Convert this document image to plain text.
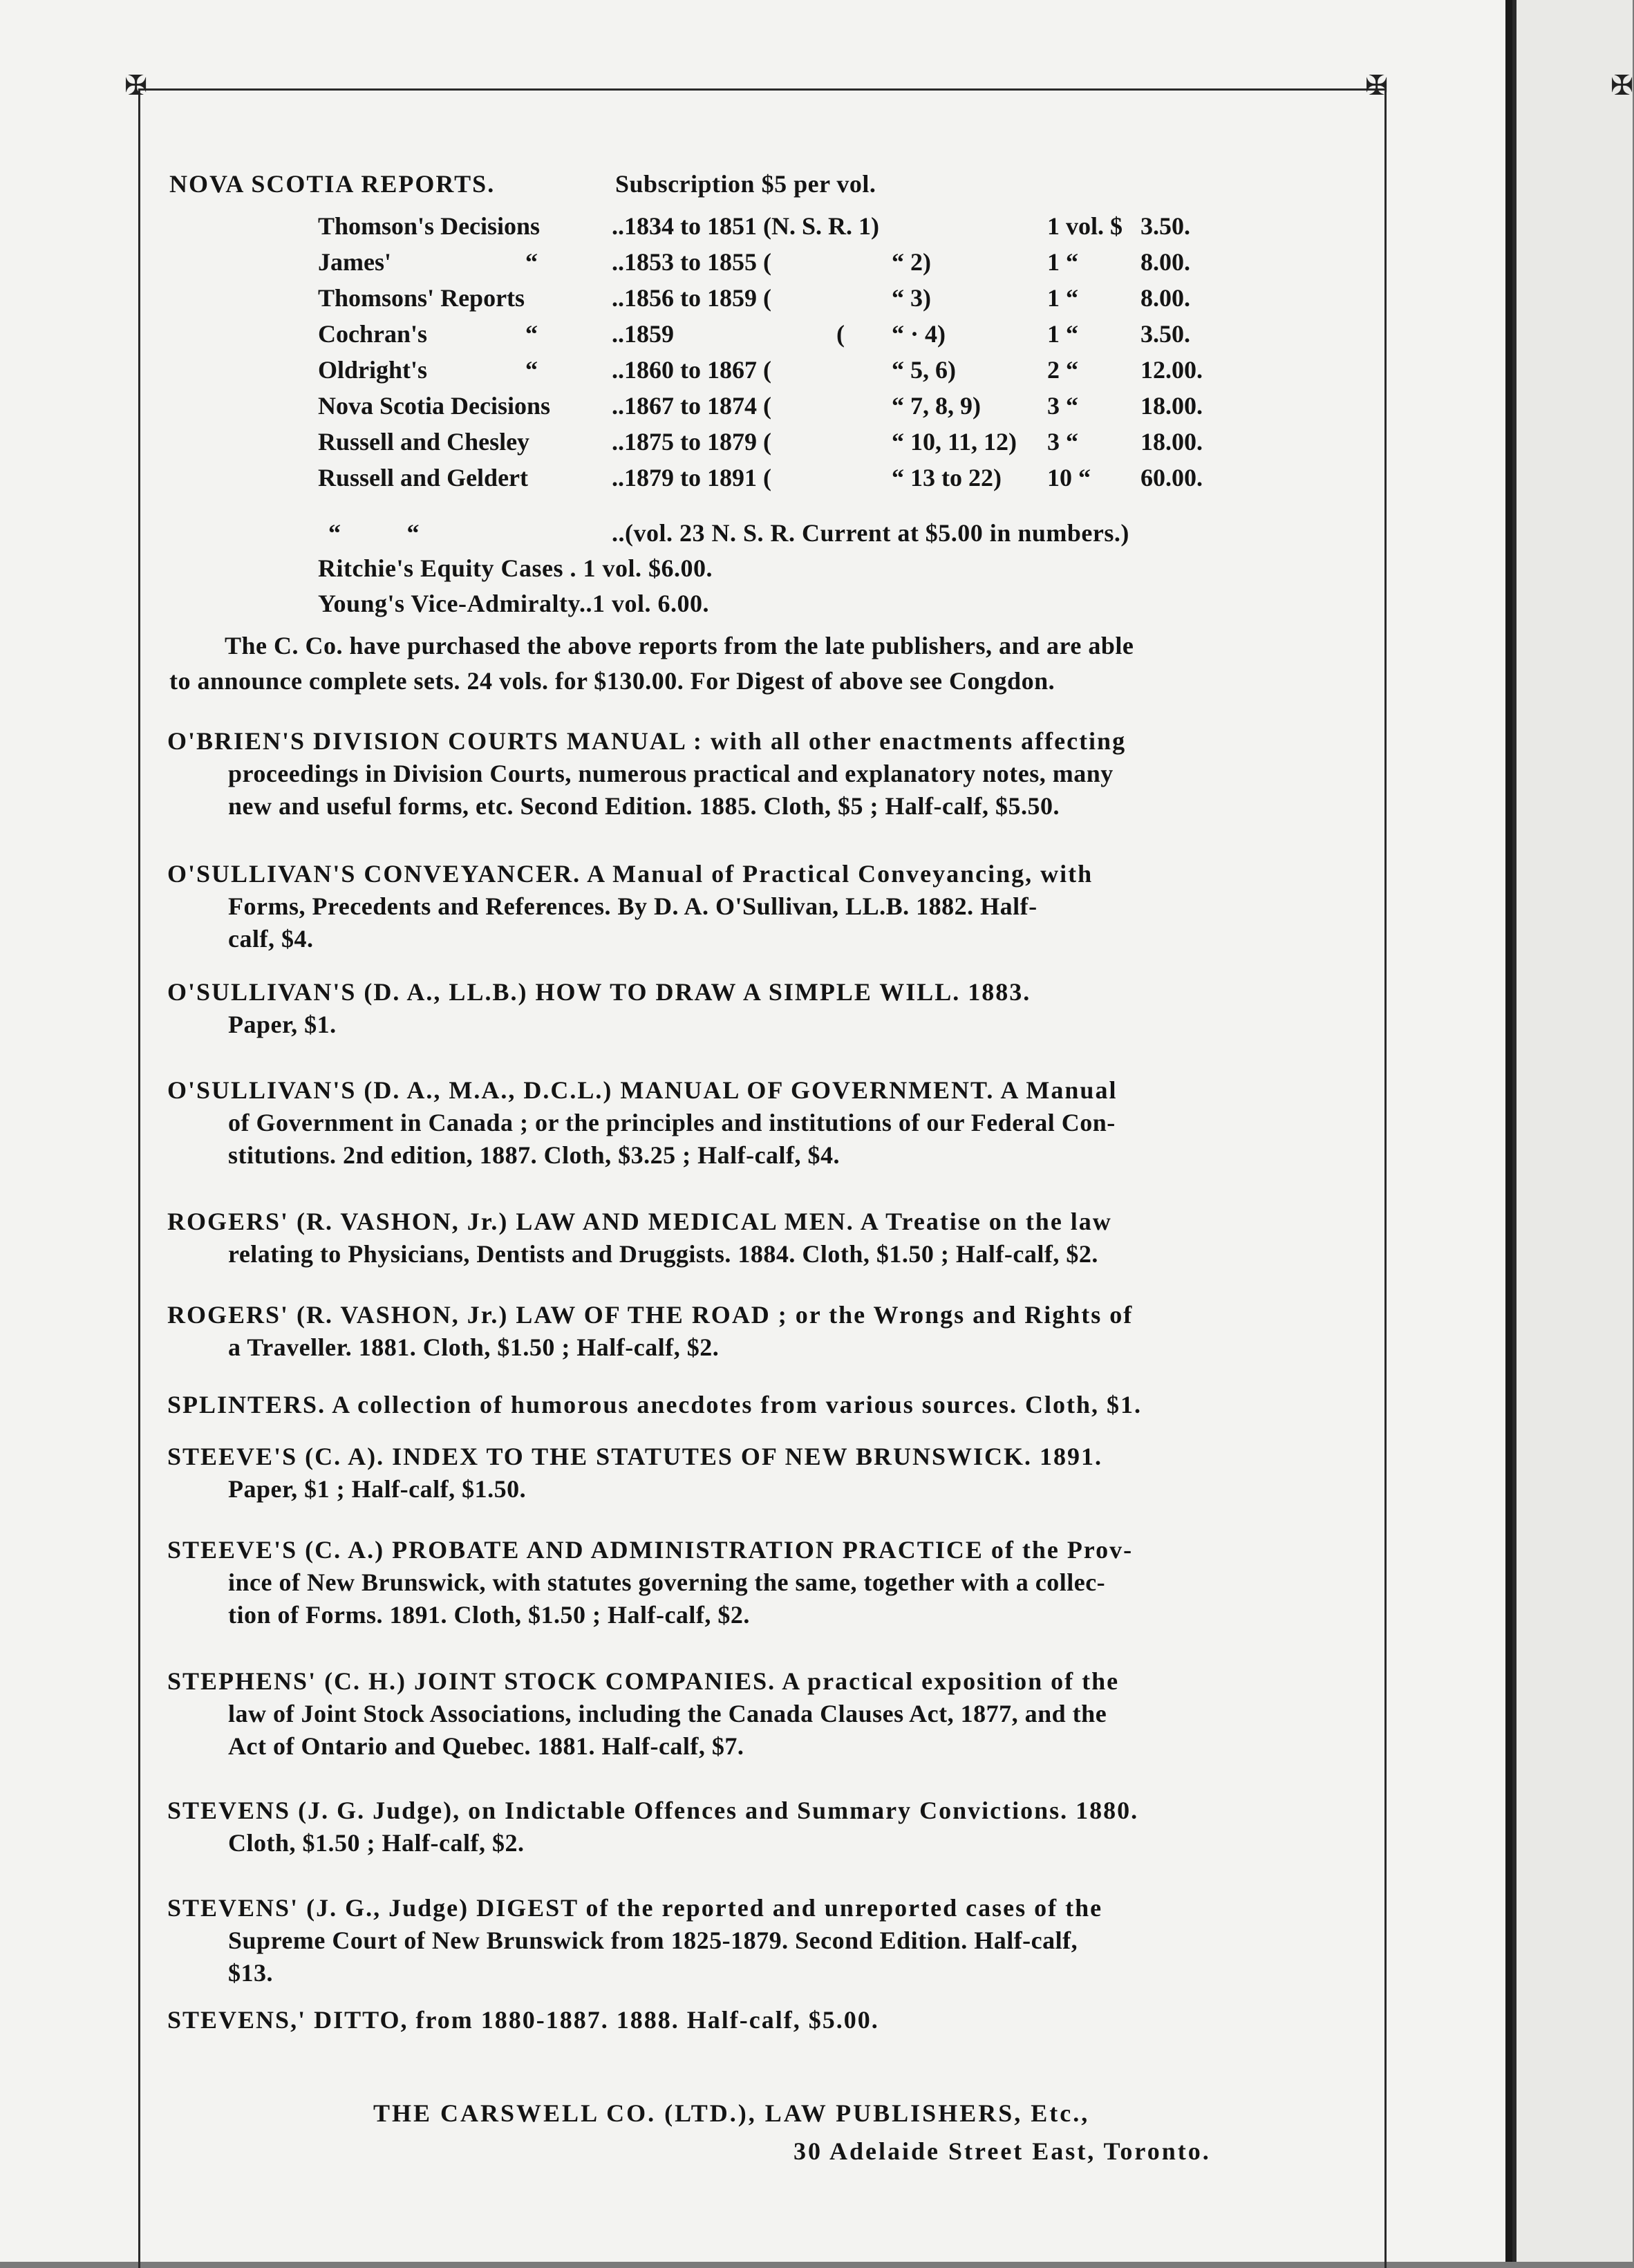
✠	✠	✠
NOVA SCOTIA REPORTS.	Subscription $5 per vol.
Thomson's Decisions	..1834 to 1851 (N. S. R. 1)	1 vol. $ 3.50.
James'	“	..1853 to 1855 (	“ 2)	1 “	8.00.
Thomsons' Reports	..1856 to 1859 (	“ 3)	1 “	8.00.
Cochran's	“	..1859	( “ · 4)	1 “	3.50.
Oldright's	“	..1860 to 1867 (	“ 5, 6)	2 “	12.00.
Nova Scotia Decisions ..1867 to 1874 (	“ 7, 8, 9)	3 “	18.00.
Russell and Chesley	..1875 to 1879 (	“ 10, 11, 12) 3 “	18.00.
Russell and Geldert	..1879 to 1891 (	“ 13 to 22) 10 “ 60.00.
“          “	..(vol. 23 N. S. R. Current at $5.00 in numbers.)
Ritchie's Equity Cases . 1 vol. $6.00.
Young's Vice-Admiralty..1 vol. 6.00.
The C. Co. have purchased the above reports from the late publishers, and are able
to announce complete sets. 24 vols. for $130.00. For Digest of above see Congdon.
O'BRIEN'S DIVISION COURTS MANUAL : with all other enactments affecting
proceedings in Division Courts, numerous practical and explanatory notes, many
new and useful forms, etc. Second Edition. 1885. Cloth, $5 ; Half-calf, $5.50.
O'SULLIVAN'S CONVEYANCER. A Manual of Practical Conveyancing, with
Forms, Precedents and References. By D. A. O'Sullivan, LL.B. 1882. Half-
calf, $4.
O'SULLIVAN'S (D. A., LL.B.) HOW TO DRAW A SIMPLE WILL. 1883.
Paper, $1.
O'SULLIVAN'S (D. A., M.A., D.C.L.) MANUAL OF GOVERNMENT. A Manual
of Government in Canada ; or the principles and institutions of our Federal Con-
stitutions. 2nd edition, 1887. Cloth, $3.25 ; Half-calf, $4.
ROGERS' (R. VASHON, Jr.) LAW AND MEDICAL MEN. A Treatise on the law
relating to Physicians, Dentists and Druggists. 1884. Cloth, $1.50 ; Half-calf, $2.
ROGERS' (R. VASHON, Jr.) LAW OF THE ROAD ; or the Wrongs and Rights of
a Traveller. 1881. Cloth, $1.50 ; Half-calf, $2.
SPLINTERS. A collection of humorous anecdotes from various sources. Cloth, $1.
STEEVE'S (C. A). INDEX TO THE STATUTES OF NEW BRUNSWICK. 1891.
Paper, $1 ; Half-calf, $1.50.
STEEVE'S (C. A.) PROBATE AND ADMINISTRATION PRACTICE of the Prov-
ince of New Brunswick, with statutes governing the same, together with a collec-
tion of Forms. 1891. Cloth, $1.50 ; Half-calf, $2.
STEPHENS' (C. H.) JOINT STOCK COMPANIES. A practical exposition of the
law of Joint Stock Associations, including the Canada Clauses Act, 1877, and the
Act of Ontario and Quebec. 1881. Half-calf, $7.
STEVENS (J. G. Judge), on Indictable Offences and Summary Convictions. 1880.
Cloth, $1.50 ; Half-calf, $2.
STEVENS' (J. G., Judge) DIGEST of the reported and unreported cases of the
Supreme Court of New Brunswick from 1825-1879. Second Edition. Half-calf,
$13.
STEVENS,' DITTO, from 1880-1887. 1888. Half-calf, $5.00.
THE CARSWELL CO. (LTD.), LAW PUBLISHERS, Etc.,
30 Adelaide Street East, Toronto.
